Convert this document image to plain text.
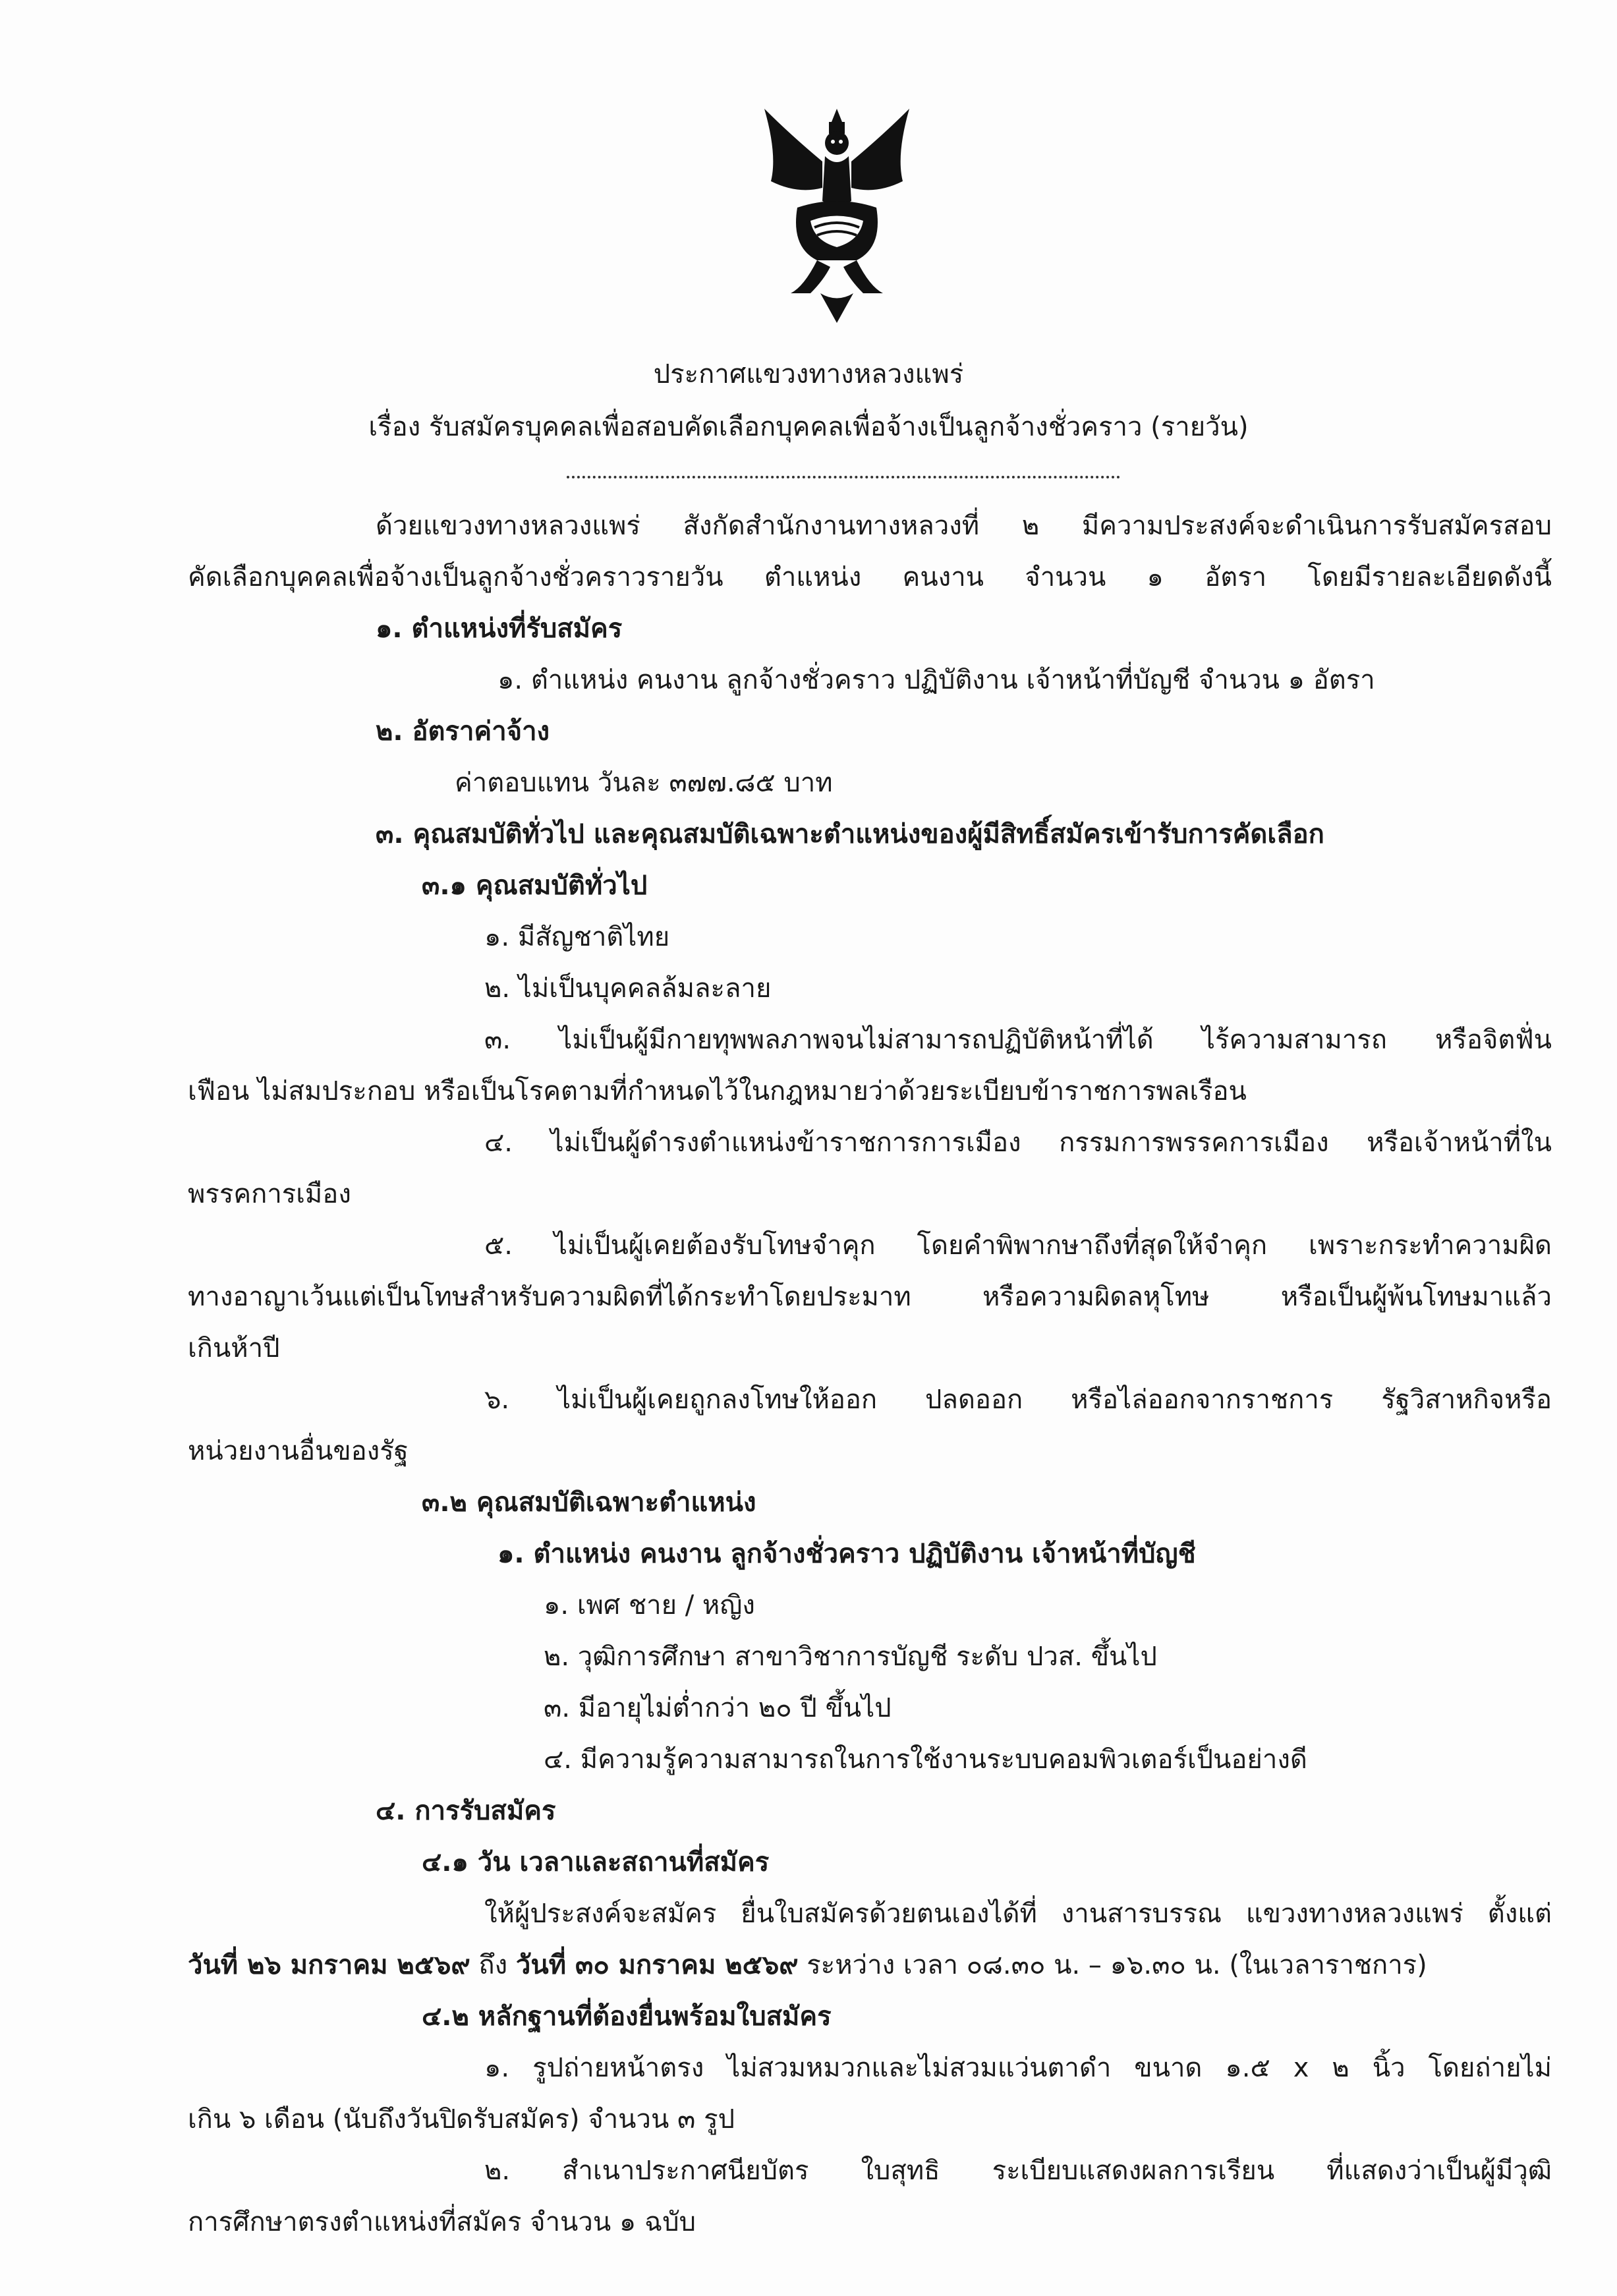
ประกาศแขวงทางหลวงแพร่
เรื่อง รับสมัครบุคคลเพื่อสอบคัดเลือกบุคคลเพื่อจ้างเป็นลูกจ้างชั่วคราว (รายวัน)
ด้วยแขวงทางหลวงแพร่ สังกัดสำนักงานทางหลวงที่ ๒ มีความประสงค์จะดำเนินการรับสมัครสอบ
คัดเลือกบุคคลเพื่อจ้างเป็นลูกจ้างชั่วคราวรายวัน ตำแหน่ง คนงาน จำนวน ๑ อัตรา โดยมีรายละเอียดดังนี้
๑. ตำแหน่งที่รับสมัคร
๑. ตำแหน่ง คนงาน ลูกจ้างชั่วคราว ปฏิบัติงาน เจ้าหน้าที่บัญชี จำนวน ๑ อัตรา
๒. อัตราค่าจ้าง
ค่าตอบแทน วันละ ๓๗๗.๘๕ บาท
๓. คุณสมบัติทั่วไป และคุณสมบัติเฉพาะตำแหน่งของผู้มีสิทธิ์สมัครเข้ารับการคัดเลือก
๓.๑ คุณสมบัติทั่วไป
๑. มีสัญชาติไทย
๒. ไม่เป็นบุคคลล้มละลาย
๓. ไม่เป็นผู้มีกายทุพพลภาพจนไม่สามารถปฏิบัติหน้าที่ได้ ไร้ความสามารถ หรือจิตฟั่น
เฟือน ไม่สมประกอบ หรือเป็นโรคตามที่กำหนดไว้ในกฎหมายว่าด้วยระเบียบข้าราชการพลเรือน
๔. ไม่เป็นผู้ดำรงตำแหน่งข้าราชการการเมือง กรรมการพรรคการเมือง หรือเจ้าหน้าที่ใน
พรรคการเมือง
๕. ไม่เป็นผู้เคยต้องรับโทษจำคุก โดยคำพิพากษาถึงที่สุดให้จำคุก เพราะกระทำความผิด
ทางอาญาเว้นแต่เป็นโทษสำหรับความผิดที่ได้กระทำโดยประมาท หรือความผิดลหุโทษ หรือเป็นผู้พ้นโทษมาแล้ว
เกินห้าปี
๖. ไม่เป็นผู้เคยถูกลงโทษให้ออก ปลดออก หรือไล่ออกจากราชการ รัฐวิสาหกิจหรือ
หน่วยงานอื่นของรัฐ
๓.๒ คุณสมบัติเฉพาะตำแหน่ง
๑. ตำแหน่ง คนงาน ลูกจ้างชั่วคราว ปฏิบัติงาน เจ้าหน้าที่บัญชี
๑. เพศ ชาย / หญิง
๒. วุฒิการศึกษา สาขาวิชาการบัญชี ระดับ ปวส. ขึ้นไป
๓. มีอายุไม่ต่ำกว่า ๒๐ ปี ขึ้นไป
๔. มีความรู้ความสามารถในการใช้งานระบบคอมพิวเตอร์เป็นอย่างดี
๔. การรับสมัคร
๔.๑ วัน เวลาและสถานที่สมัคร
ให้ผู้ประสงค์จะสมัคร ยื่นใบสมัครด้วยตนเองได้ที่ งานสารบรรณ แขวงทางหลวงแพร่ ตั้งแต่
วันที่ ๒๖ มกราคม ๒๕๖๙ ถึง วันที่ ๓๐ มกราคม ๒๕๖๙ ระหว่าง เวลา ๐๘.๓๐ น. – ๑๖.๓๐ น. (ในเวลาราชการ)
๔.๒ หลักฐานที่ต้องยื่นพร้อมใบสมัคร
๑. รูปถ่ายหน้าตรง ไม่สวมหมวกและไม่สวมแว่นตาดำ ขนาด ๑.๕ x ๒ นิ้ว โดยถ่ายไม่
เกิน ๖ เดือน (นับถึงวันปิดรับสมัคร) จำนวน ๓ รูป
๒. สำเนาประกาศนียบัตร ใบสุทธิ ระเบียบแสดงผลการเรียน ที่แสดงว่าเป็นผู้มีวุฒิ
การศึกษาตรงตำแหน่งที่สมัคร จำนวน ๑ ฉบับ
